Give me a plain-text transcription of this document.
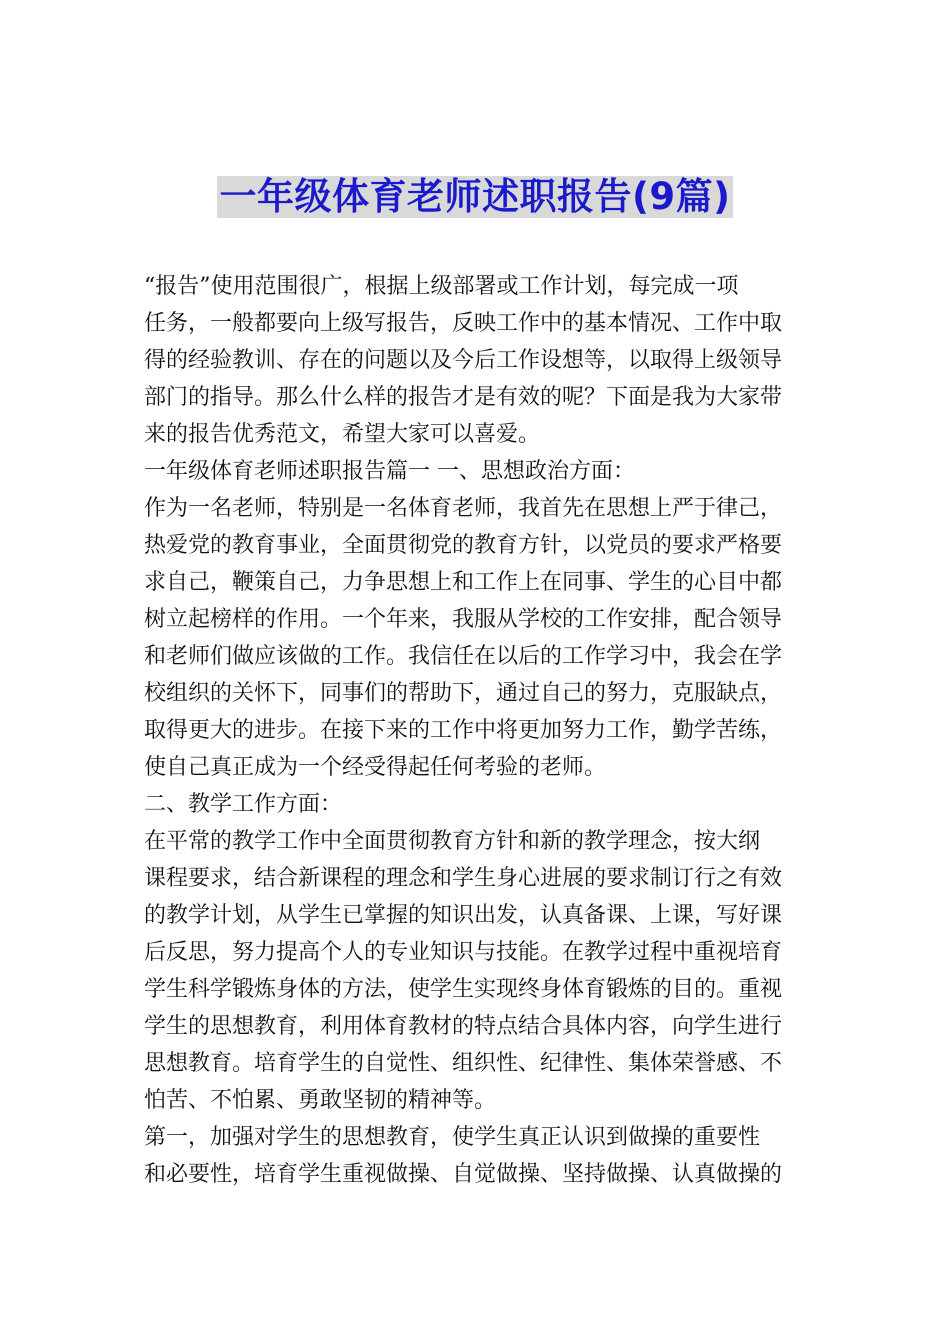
一年级体育老师述职报告(9篇)
“报告”使用范围很广，根据上级部署或工作计划，每完成一项
任务，一般都要向上级写报告，反映工作中的基本情况、工作中取
得的经验教训、存在的问题以及今后工作设想等，以取得上级领导
部门的指导。那么什么样的报告才是有效的呢？下面是我为大家带
来的报告优秀范文，希望大家可以喜爱。
一年级体育老师述职报告篇一 一、思想政治方面：
作为一名老师，特别是一名体育老师，我首先在思想上严于律己，
热爱党的教育事业，全面贯彻党的教育方针，以党员的要求严格要
求自己，鞭策自己，力争思想上和工作上在同事、学生的心目中都
树立起榜样的作用。一个年来，我服从学校的工作安排，配合领导
和老师们做应该做的工作。我信任在以后的工作学习中，我会在学
校组织的关怀下，同事们的帮助下，通过自己的努力，克服缺点，
取得更大的进步。在接下来的工作中将更加努力工作，勤学苦练，
使自己真正成为一个经受得起任何考验的老师。
二、教学工作方面：
在平常的教学工作中全面贯彻教育方针和新的教学理念，按大纲
课程要求，结合新课程的理念和学生身心进展的要求制订行之有效
的教学计划，从学生已掌握的知识出发，认真备课、上课，写好课
后反思，努力提高个人的专业知识与技能。在教学过程中重视培育
学生科学锻炼身体的方法，使学生实现终身体育锻炼的目的。重视
学生的思想教育，利用体育教材的特点结合具体内容，向学生进行
思想教育。培育学生的自觉性、组织性、纪律性、集体荣誉感、不
怕苦、不怕累、勇敢坚韧的精神等。
第一，加强对学生的思想教育，使学生真正认识到做操的重要性
和必要性，培育学生重视做操、自觉做操、坚持做操、认真做操的
